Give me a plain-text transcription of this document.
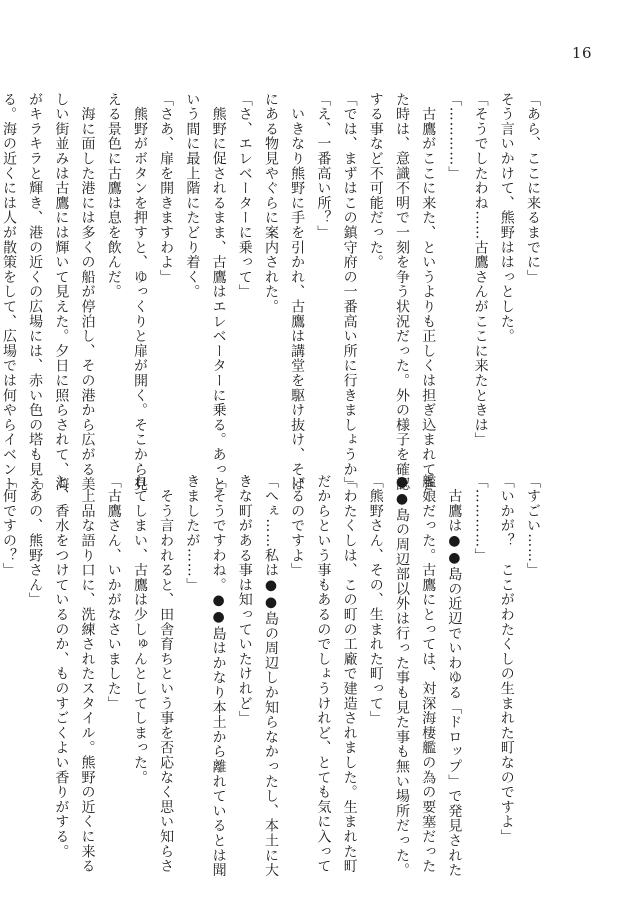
16
「あら、ここに来るまでに」
そう言いかけて、熊野ははっとした。
「そうでしたわね……古鷹さんがここに来たときは」
「…………」
　古鷹がここに来た、というよりも正しくは担ぎ込まれてき
た時は、意識不明で一刻を争う状況だった。外の様子を確認
する事など不可能だった。
「では、まずはこの鎮守府の一番高い所に行きましょうか」
「え、一番高い所？」
　いきなり熊野に手を引かれ、古鷹は講堂を駆け抜け、そば
にある物見やぐらに案内された。
「さ、エレベーターに乗って」
　熊野に促されるまま、古鷹はエレベーターに乗る。あっと
いう間に最上階にたどり着く。
「さあ、扉を開きますわよ」
　熊野がボタンを押すと、ゆっくりと扉が開く。そこから見
える景色に古鷹は息を飲んだ。
　海に面した港には多くの船が停泊し、その港から広がる美
しい街並みは古鷹には輝いて見えた。夕日に照らされて、海
がキラキラと輝き、港の近くの広場には、赤い色の塔も見え
る。海の近くには人が散策をして、広場では何やらイベント
「すごい……」
「いかが？　ここがわたくしの生まれた町なのですよ」
「…………」
　古鷹は●●島の近辺でいわゆる「ドロップ」で発見された
艦娘だった。古鷹にとっては、対深海棲艦の為の要塞だった
●●島の周辺部以外は行った事も見た事も無い場所だった。
「熊野さん、その、生まれた町って」
「わたくしは、この町の工廠で建造されました。生まれた町
だからという事もあるのでしょうけれど、とても気に入って
いるのですよ」
「へぇ……私は●●島の周辺しか知らなかったし、本土に大
きな町がある事は知っていたけれど」
「そうですわね。●●島はかなり本土から離れているとは聞
きましたが……」
　そう言われると、田舎育ちという事を否応なく思い知らさ
れてしまい、古鷹は少しゅんとしてしまった。
「古鷹さん、いかがなさいました」
　上品な語り口に、洗練されたスタイル。熊野の近くに来る
と、香水をつけているのか、ものすごくよい香りがする。
「あの、熊野さん」
「何ですの？」
